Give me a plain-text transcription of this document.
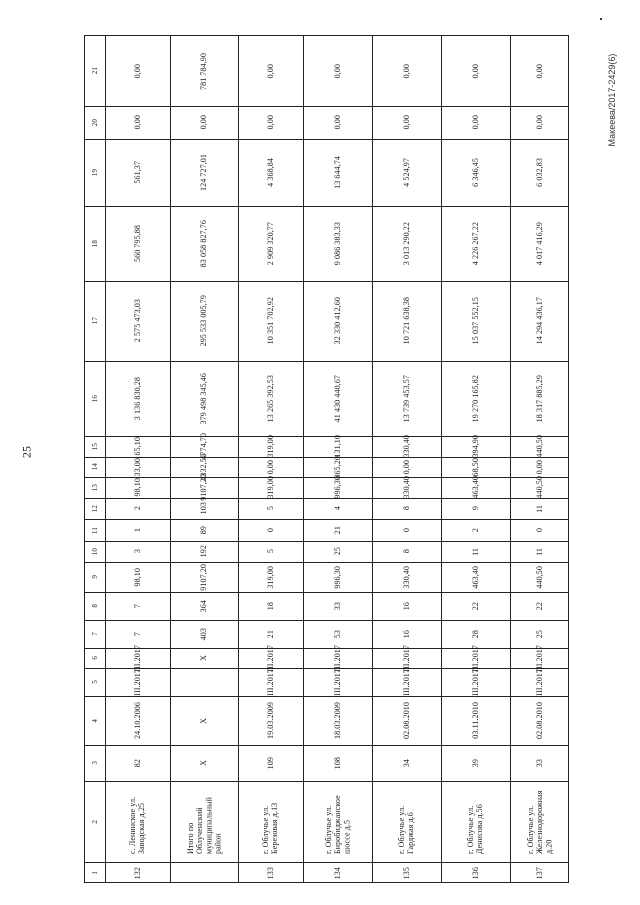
25
Макеева/2017-2429(6)
1
2
3
4
5
6
7
8
9
10
11
12
13
14
15
16
17
18
19
20
21
132
с. Ленинское ул. Заводская д.25
82
24.10.2006
III.2017
III.2017
7
7
98,10
3
1
2
98,10
33,00
65,10
3 136 830,28
2 575 473,03
560 795,88
561,37
0,00
0,00
Итого по Облученский муниципальный район
X
X
X
403
364
9107,20
192
89
103
9107,20
4332,50
4774,70
379 498 345,46
295 533 005,79
83 058 827,76
124 727,01
0,00
781 784,90
133
г. Облучье ул. Березовая д.13
109
19.03.2009
III.2017
III.2017
21
18
319,00
5
0
5
319,00
0,00
319,00
13 265 392,53
10 351 702,92
2 909 320,77
4 368,84
0,00
0,00
134
г. Облучье ул. Биробиджанское шоссе д.5
108
18.03.2009
III.2017
III.2017
53
33
996,30
25
21
4
996,30
865,20
131,10
41 430 440,67
32 330 412,60
9 086 383,33
13 644,74
0,00
0,00
135
г. Облучье ул. Гарджая д.6
34
02.08.2010
III.2017
III.2017
16
16
330,40
8
0
8
330,40
0,00
330,40
13 739 453,57
10 721 638,38
3 013 290,22
4 524,97
0,00
0,00
136
г. Облучье ул. Денисова д.56
39
03.11.2010
III.2017
III.2017
28
22
463,40
11
2
9
463,40
68,50
394,90
19 270 165,82
15 037 552,15
4 226 267,22
6 346,45
0,00
0,00
137
г. Облучье ул. Железнодорожная д.20
33
02.08.2010
III.2017
III.2017
25
22
440,50
11
0
11
440,50
0,00
440,50
18 317 885,29
14 294 436,17
4 017 416,29
6 032,83
0,00
0,00
